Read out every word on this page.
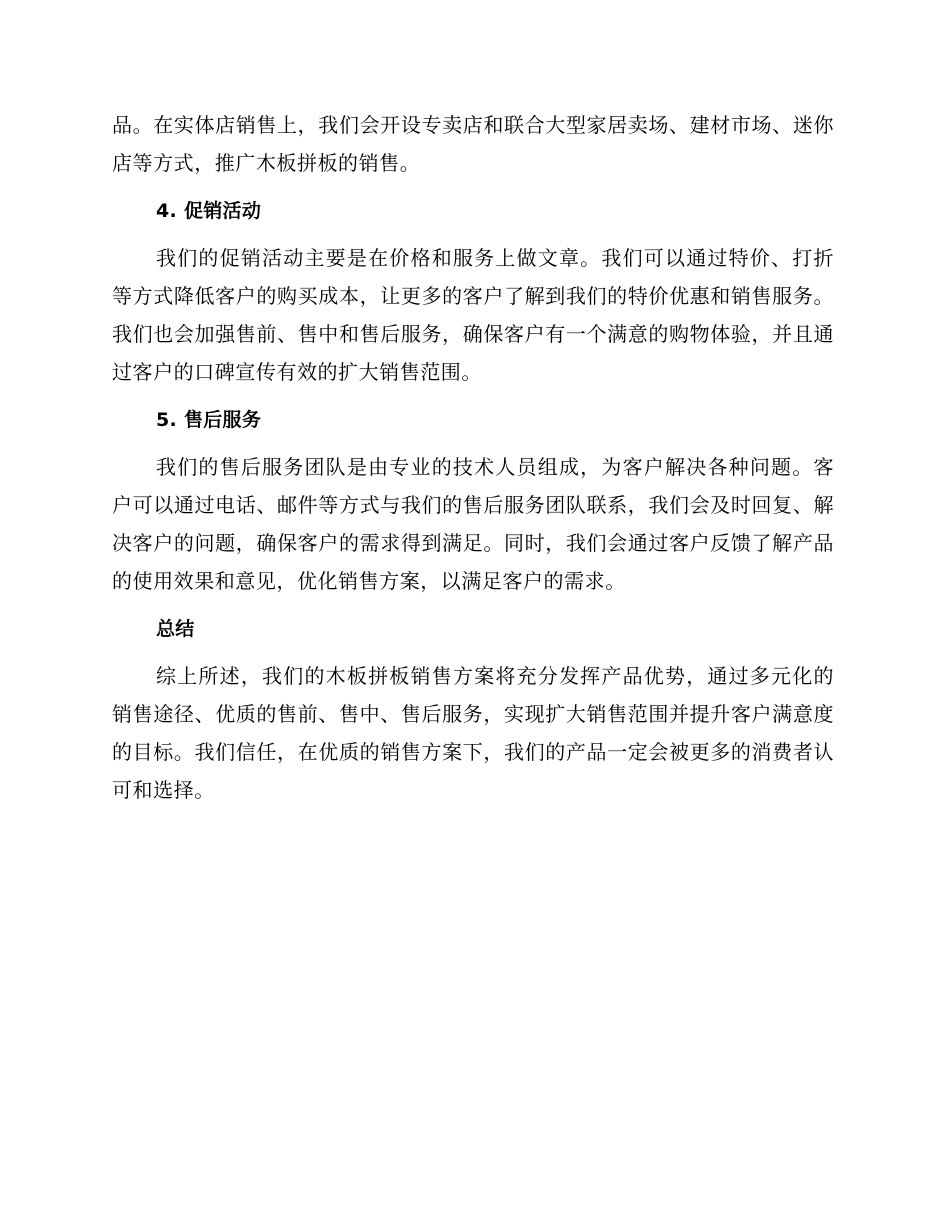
品。在实体店销售上，我们会开设专卖店和联合大型家居卖场、建材市场、迷你店等方式，推广木板拼板的销售。

4. 促销活动

我们的促销活动主要是在价格和服务上做文章。我们可以通过特价、打折等方式降低客户的购买成本，让更多的客户了解到我们的特价优惠和销售服务。我们也会加强售前、售中和售后服务，确保客户有一个满意的购物体验，并且通过客户的口碑宣传有效的扩大销售范围。

5. 售后服务

我们的售后服务团队是由专业的技术人员组成，为客户解决各种问题。客户可以通过电话、邮件等方式与我们的售后服务团队联系，我们会及时回复、解决客户的问题，确保客户的需求得到满足。同时，我们会通过客户反馈了解产品的使用效果和意见，优化销售方案，以满足客户的需求。

总结

综上所述，我们的木板拼板销售方案将充分发挥产品优势，通过多元化的销售途径、优质的售前、售中、售后服务，实现扩大销售范围并提升客户满意度的目标。我们信任，在优质的销售方案下，我们的产品一定会被更多的消费者认可和选择。
